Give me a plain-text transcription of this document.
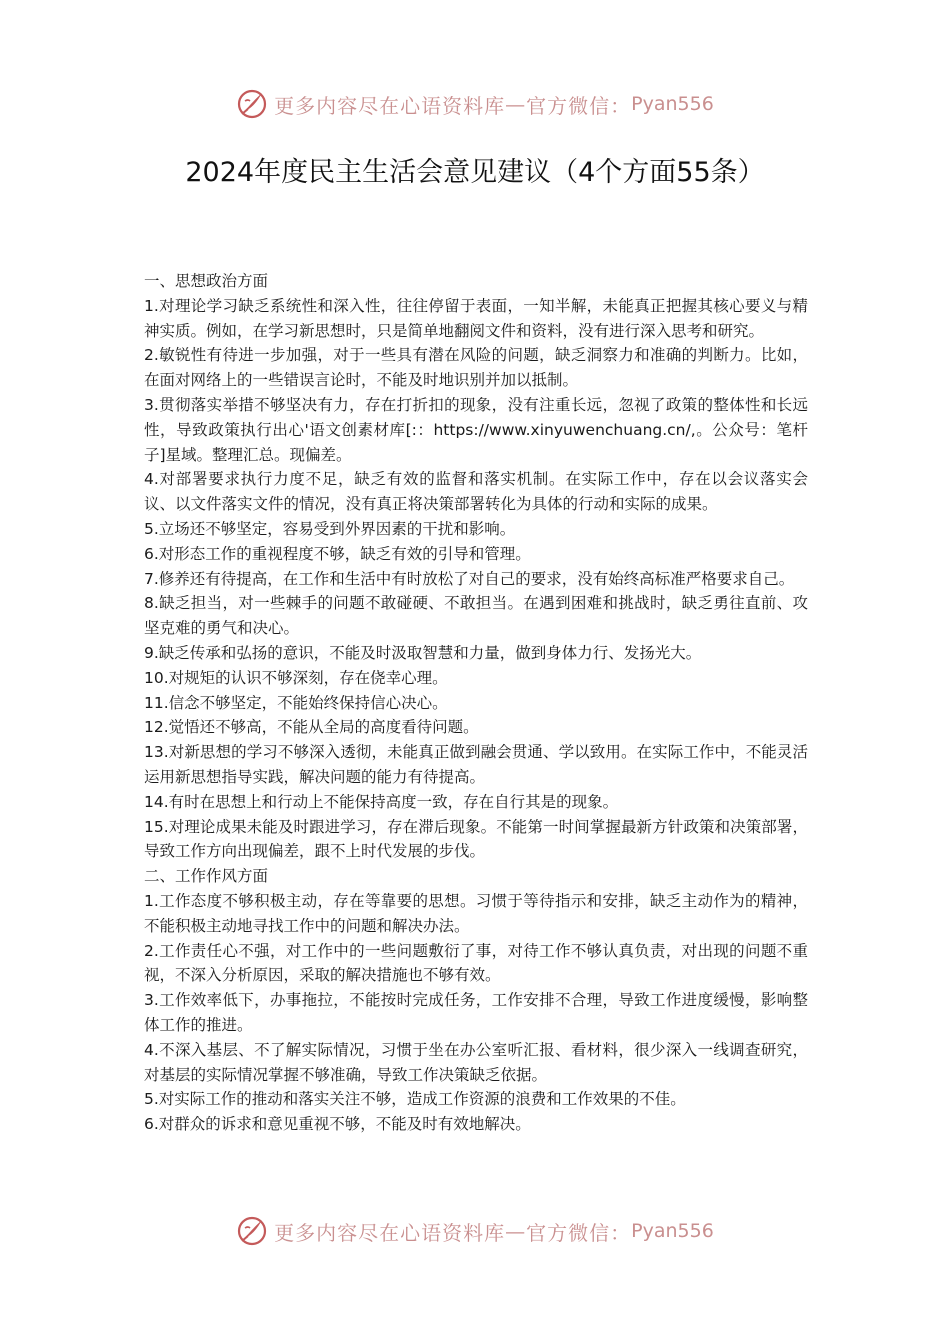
更多内容尽在心语资料库 — 官方微信： Pyan556
2024年度民主生活会意见建议（4个方面55条）

一、思想政治方面

1.对理论学习缺乏系统性和深入性，往往停留于表面，一知半解，未能真正把握其核心要义与精神实质。例如，在学习新思想时，只是简单地翻阅文件和资料，没有进行深入思考和研究。

2.敏锐性有待进一步加强，对于一些具有潜在风险的问题，缺乏洞察力和准确的判断力。比如，在面对网络上的一些错误言论时，不能及时地识别并加以抵制。

3.贯彻落实举措不够坚决有力，存在打折扣的现象，没有注重长远，忽视了政策的整体性和长远性，导致政策执行出心'语文创素材库[:：https://www.xinyuwenchuang.cn/,。公众号：笔杆子]星域。整理汇总。现偏差。

4.对部署要求执行力度不足，缺乏有效的监督和落实机制。在实际工作中，存在以会议落实会议、以文件落实文件的情况，没有真正将决策部署转化为具体的行动和实际的成果。

5.立场还不够坚定，容易受到外界因素的干扰和影响。

6.对形态工作的重视程度不够，缺乏有效的引导和管理。

7.修养还有待提高，在工作和生活中有时放松了对自己的要求，没有始终高标准严格要求自己。

8.缺乏担当，对一些棘手的问题不敢碰硬、不敢担当。在遇到困难和挑战时，缺乏勇往直前、攻坚克难的勇气和决心。

9.缺乏传承和弘扬的意识，不能及时汲取智慧和力量，做到身体力行、发扬光大。

10.对规矩的认识不够深刻，存在侥幸心理。

11.信念不够坚定，不能始终保持信心决心。

12.觉悟还不够高，不能从全局的高度看待问题。

13.对新思想的学习不够深入透彻，未能真正做到融会贯通、学以致用。在实际工作中，不能灵活运用新思想指导实践，解决问题的能力有待提高。

14.有时在思想上和行动上不能保持高度一致，存在自行其是的现象。

15.对理论成果未能及时跟进学习，存在滞后现象。不能第一时间掌握最新方针政策和决策部署，导致工作方向出现偏差，跟不上时代发展的步伐。

二、工作作风方面

1.工作态度不够积极主动，存在等靠要的思想。习惯于等待指示和安排，缺乏主动作为的精神，不能积极主动地寻找工作中的问题和解决办法。

2.工作责任心不强，对工作中的一些问题敷衍了事，对待工作不够认真负责，对出现的问题不重视，不深入分析原因，采取的解决措施也不够有效。

3.工作效率低下，办事拖拉，不能按时完成任务，工作安排不合理，导致工作进度缓慢，影响整体工作的推进。

4.不深入基层、不了解实际情况，习惯于坐在办公室听汇报、看材料，很少深入一线调查研究，对基层的实际情况掌握不够准确，导致工作决策缺乏依据。

5.对实际工作的推动和落实关注不够，造成工作资源的浪费和工作效果的不佳。

6.对群众的诉求和意见重视不够，不能及时有效地解决。

更多内容尽在心语资料库 — 官方微信： Pyan556
